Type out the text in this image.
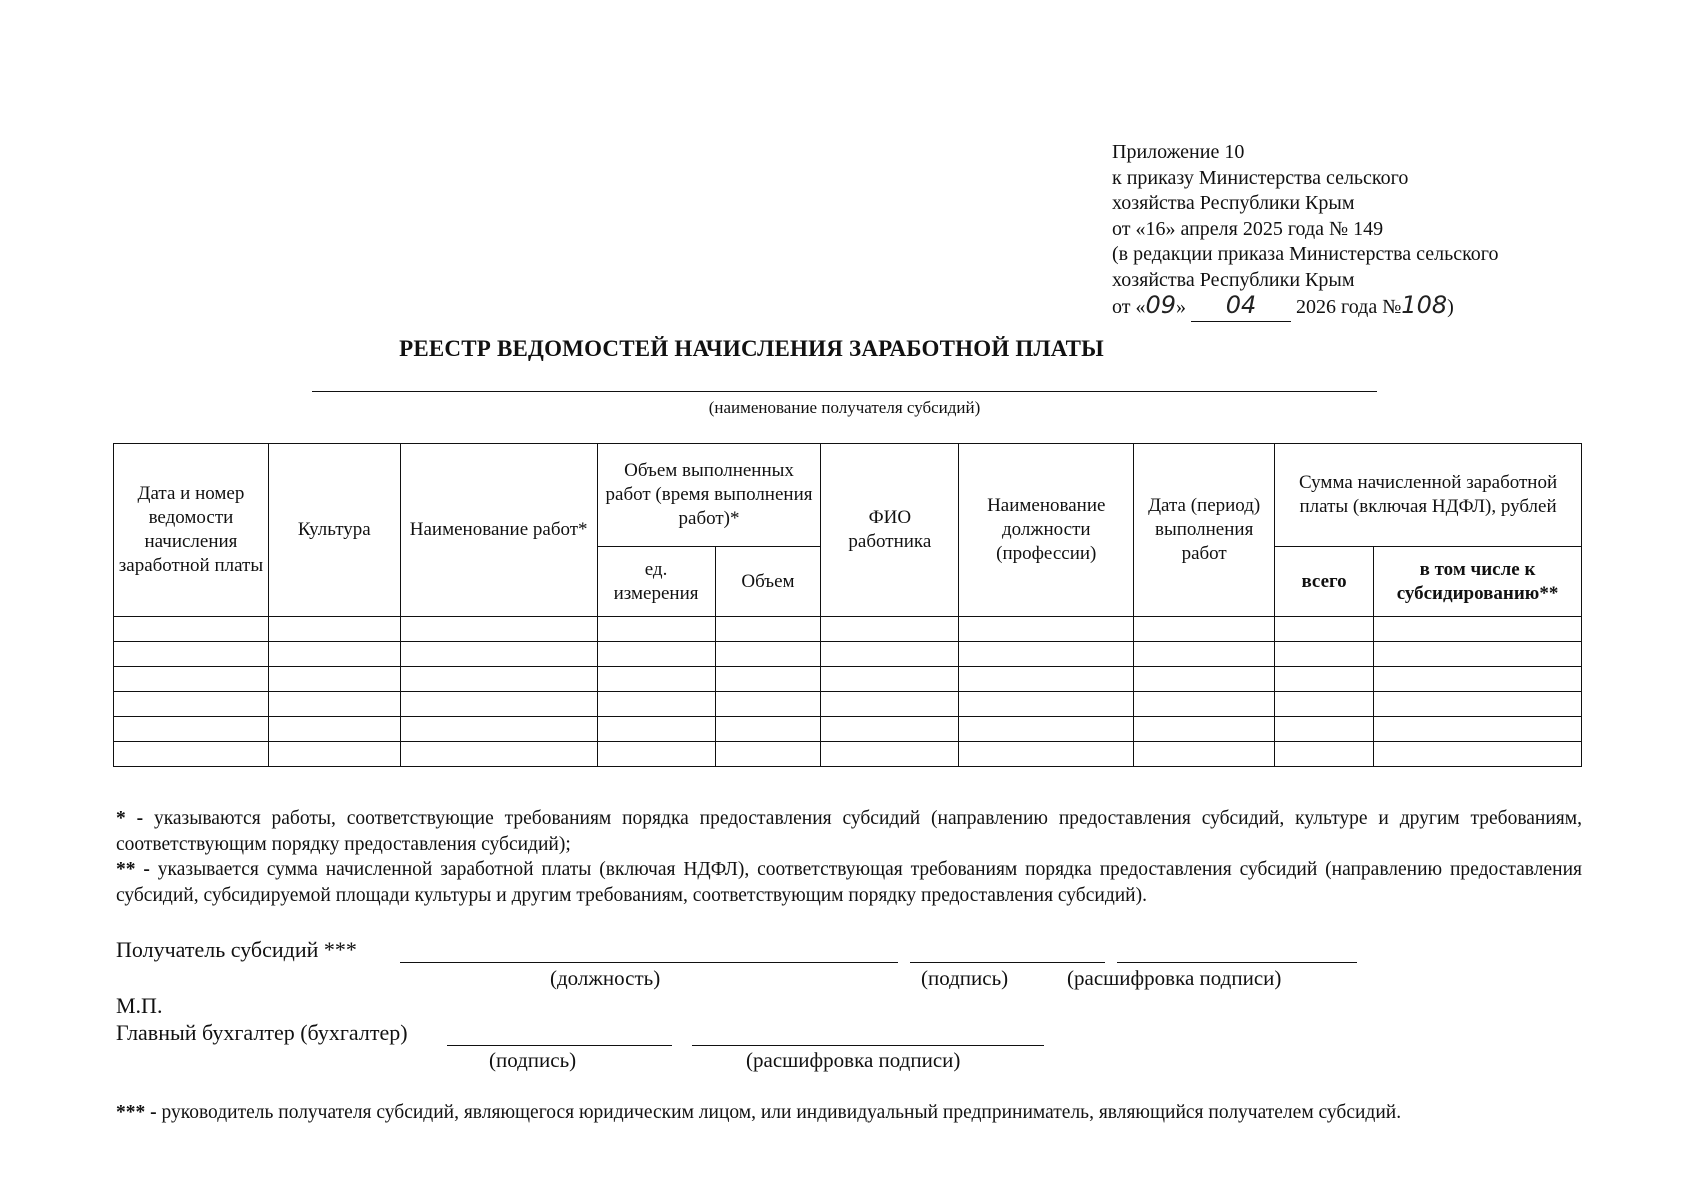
Приложение 10
к приказу Министерства сельского
хозяйства Республики Крым
от «16» апреля 2025 года № 149
(в редакции приказа Министерства сельского
хозяйства Республики Крым
от «09» 04 2026 года №108)
РЕЕСТР ВЕДОМОСТЕЙ НАЧИСЛЕНИЯ ЗАРАБОТНОЙ ПЛАТЫ
(наименование получателя субсидий)
Дата и номер ведомости начисления заработной платы	Культура	Наименование работ*	Объем выполненных работ (время выполнения работ)*		ФИО работника	Наименование должности (профессии)	Дата (период) выполнения работ	Сумма начисленной заработной платы (включая НДФЛ), рублей	
			ед. измерения	Объем				всего	в том числе к субсидированию**

* - указываются работы, соответствующие требованиям порядка предоставления субсидий (направлению предоставления субсидий, культуре и другим требованиям, соответствующим порядку предоставления субсидий);

** - указывается сумма начисленной заработной платы (включая НДФЛ), соответствующая требованиям порядка предоставления субсидий (направлению предоставления субсидий, субсидируемой площади культуры и другим требованиям, соответствующим порядку предоставления субсидий).

Получатель субсидий ***
(должность)	(подпись)	(расшифровка подписи)
М.П.
Главный бухгалтер (бухгалтер)
(подпись)	(расшифровка подписи)
*** - руководитель получателя субсидий, являющегося юридическим лицом, или индивидуальный предприниматель, являющийся получателем субсидий.
